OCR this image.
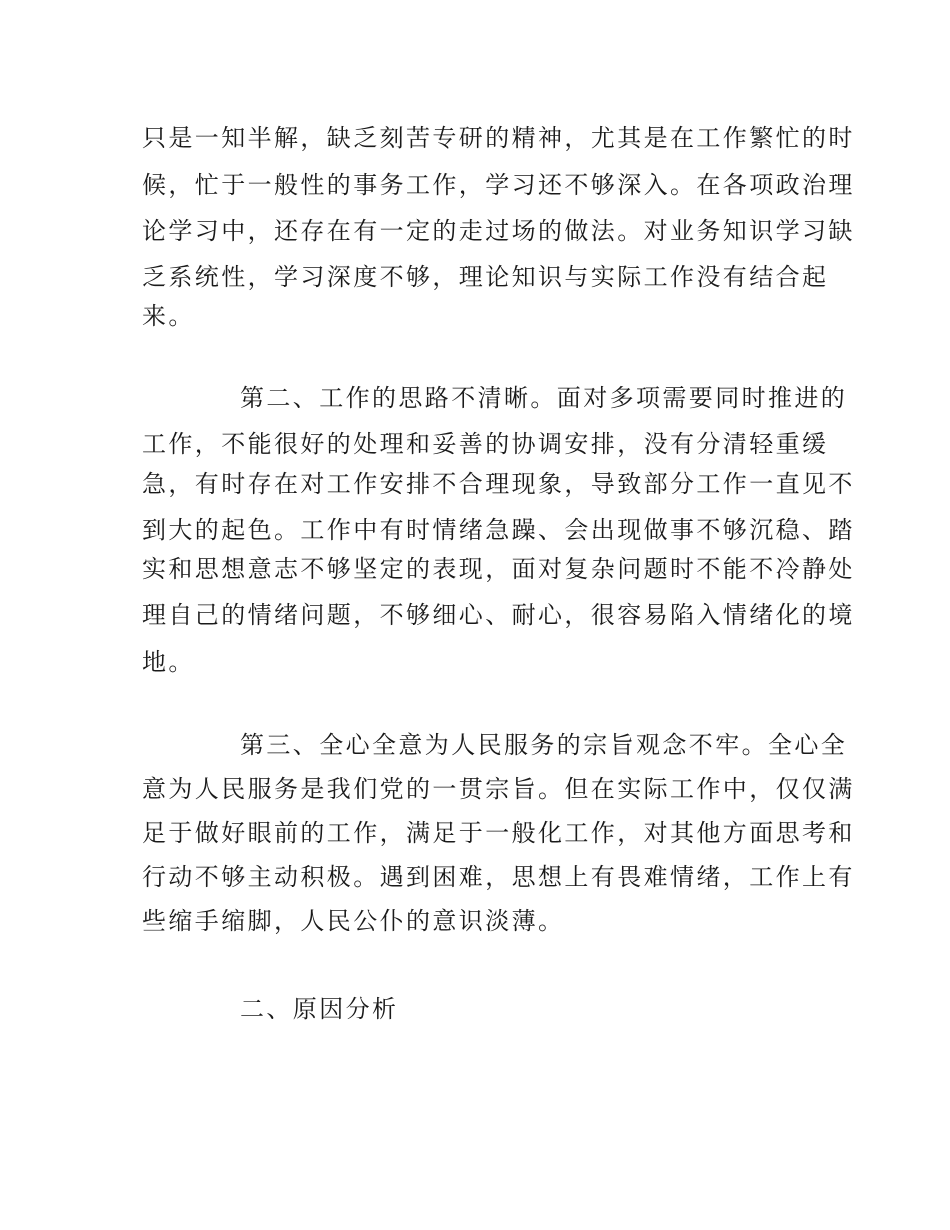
只是一知半解，缺乏刻苦专研的精神，尤其是在工作繁忙的时
候，忙于一般性的事务工作，学习还不够深入。在各项政治理
论学习中，还存在有一定的走过场的做法。对业务知识学习缺
乏系统性，学习深度不够，理论知识与实际工作没有结合起
来。
第二、工作的思路不清晰。面对多项需要同时推进的
工作，不能很好的处理和妥善的协调安排，没有分清轻重缓
急，有时存在对工作安排不合理现象，导致部分工作一直见不
到大的起色。工作中有时情绪急躁、会出现做事不够沉稳、踏
实和思想意志不够坚定的表现，面对复杂问题时不能不冷静处
理自己的情绪问题，不够细心、耐心，很容易陷入情绪化的境
地。
第三、全心全意为人民服务的宗旨观念不牢。全心全
意为人民服务是我们党的一贯宗旨。但在实际工作中，仅仅满
足于做好眼前的工作，满足于一般化工作，对其他方面思考和
行动不够主动积极。遇到困难，思想上有畏难情绪，工作上有
些缩手缩脚，人民公仆的意识淡薄。
二、原因分析
